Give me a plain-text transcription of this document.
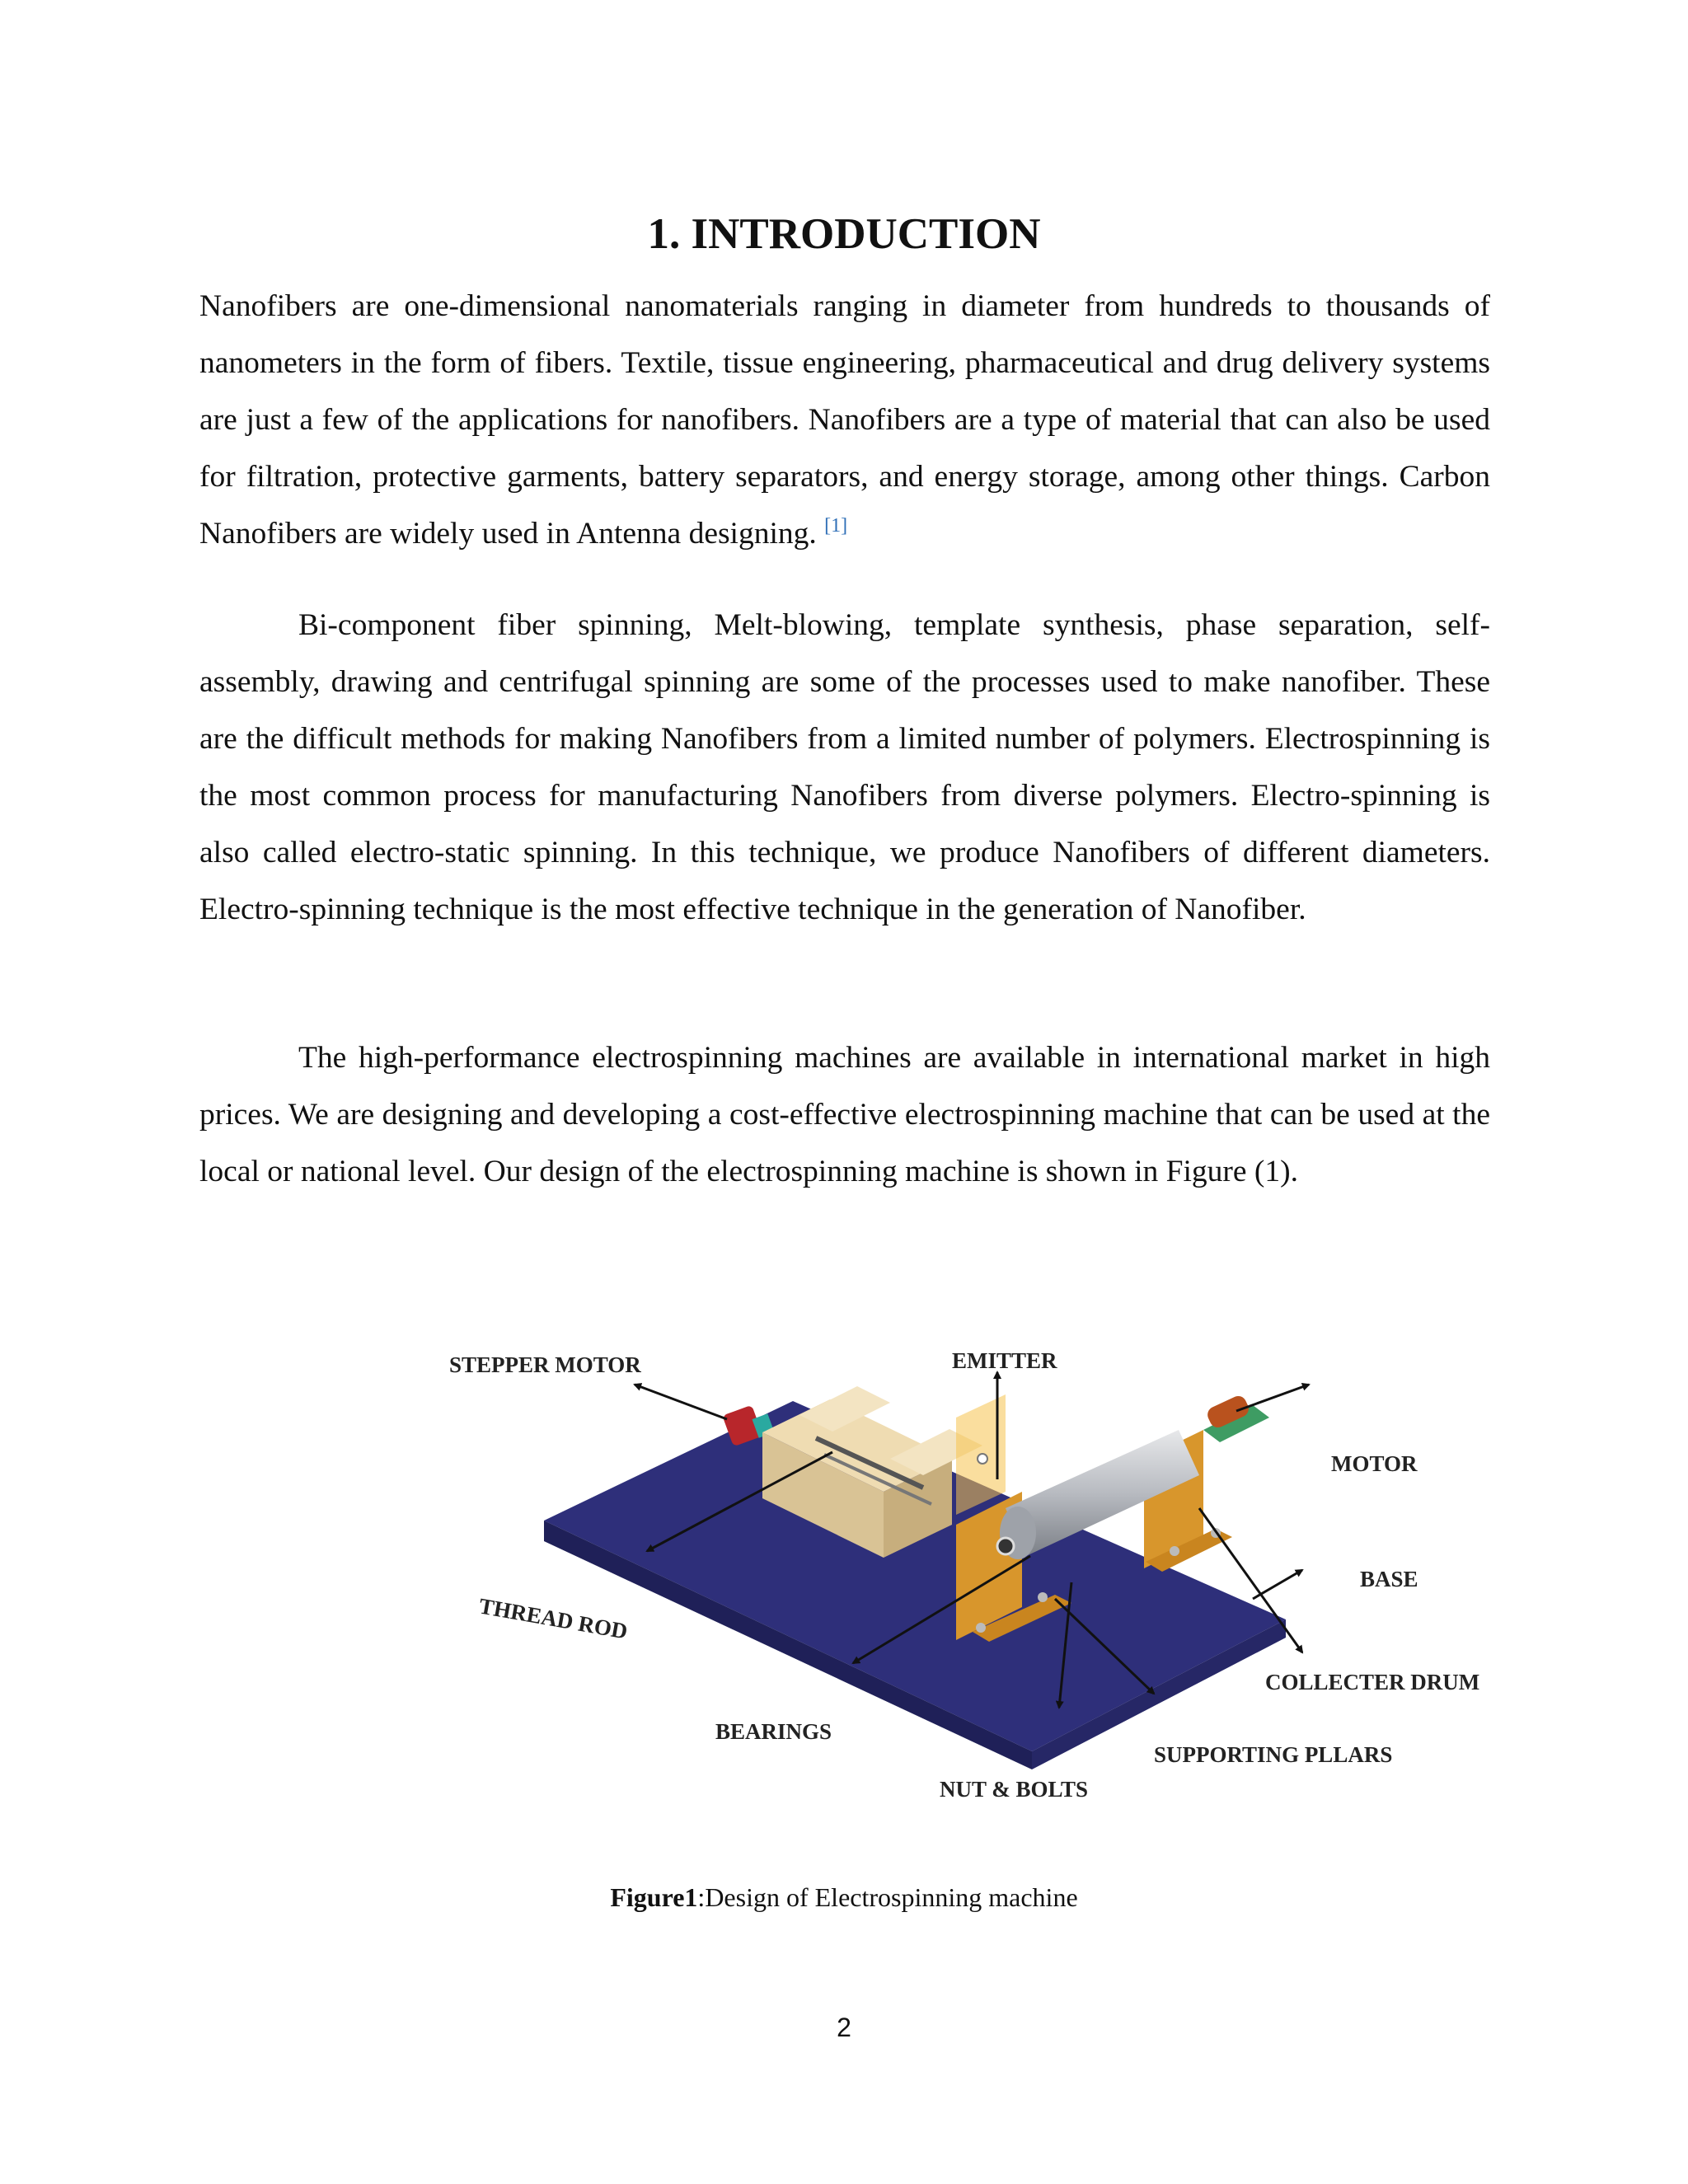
1. INTRODUCTION

Nanofibers are one-dimensional nanomaterials ranging in diameter from hundreds to thousands of nanometers in the form of fibers. Textile, tissue engineering, pharmaceutical and drug delivery systems are just a few of the applications for nanofibers. Nanofibers are a type of material that can also be used for filtration, protective garments, battery separators, and energy storage, among other things. Carbon Nanofibers are widely used in Antenna designing. [1]

Bi-component fiber spinning, Melt-blowing, template synthesis, phase separation, self-assembly, drawing and centrifugal spinning are some of the processes used to make nanofiber. These are the difficult methods for making Nanofibers from a limited number of polymers. Electrospinning is the most common process for manufacturing Nanofibers from diverse polymers. Electro-spinning is also called electro-static spinning. In this technique, we produce Nanofibers of different diameters. Electro-spinning technique is the most effective technique in the generation of Nanofiber.

The high-performance electrospinning machines are available in international market in high prices. We are designing and developing a cost-effective electrospinning machine that can be used at the local or national level. Our design of the electrospinning machine is shown in Figure (1).

STEPPER MOTOR	EMITTER
MOTOR
BASE
THREAD ROD
COLLECTER DRUM
BEARINGS
SUPPORTING PLLARS
NUT & BOLTS
Figure1:Design of Electrospinning machine
2
